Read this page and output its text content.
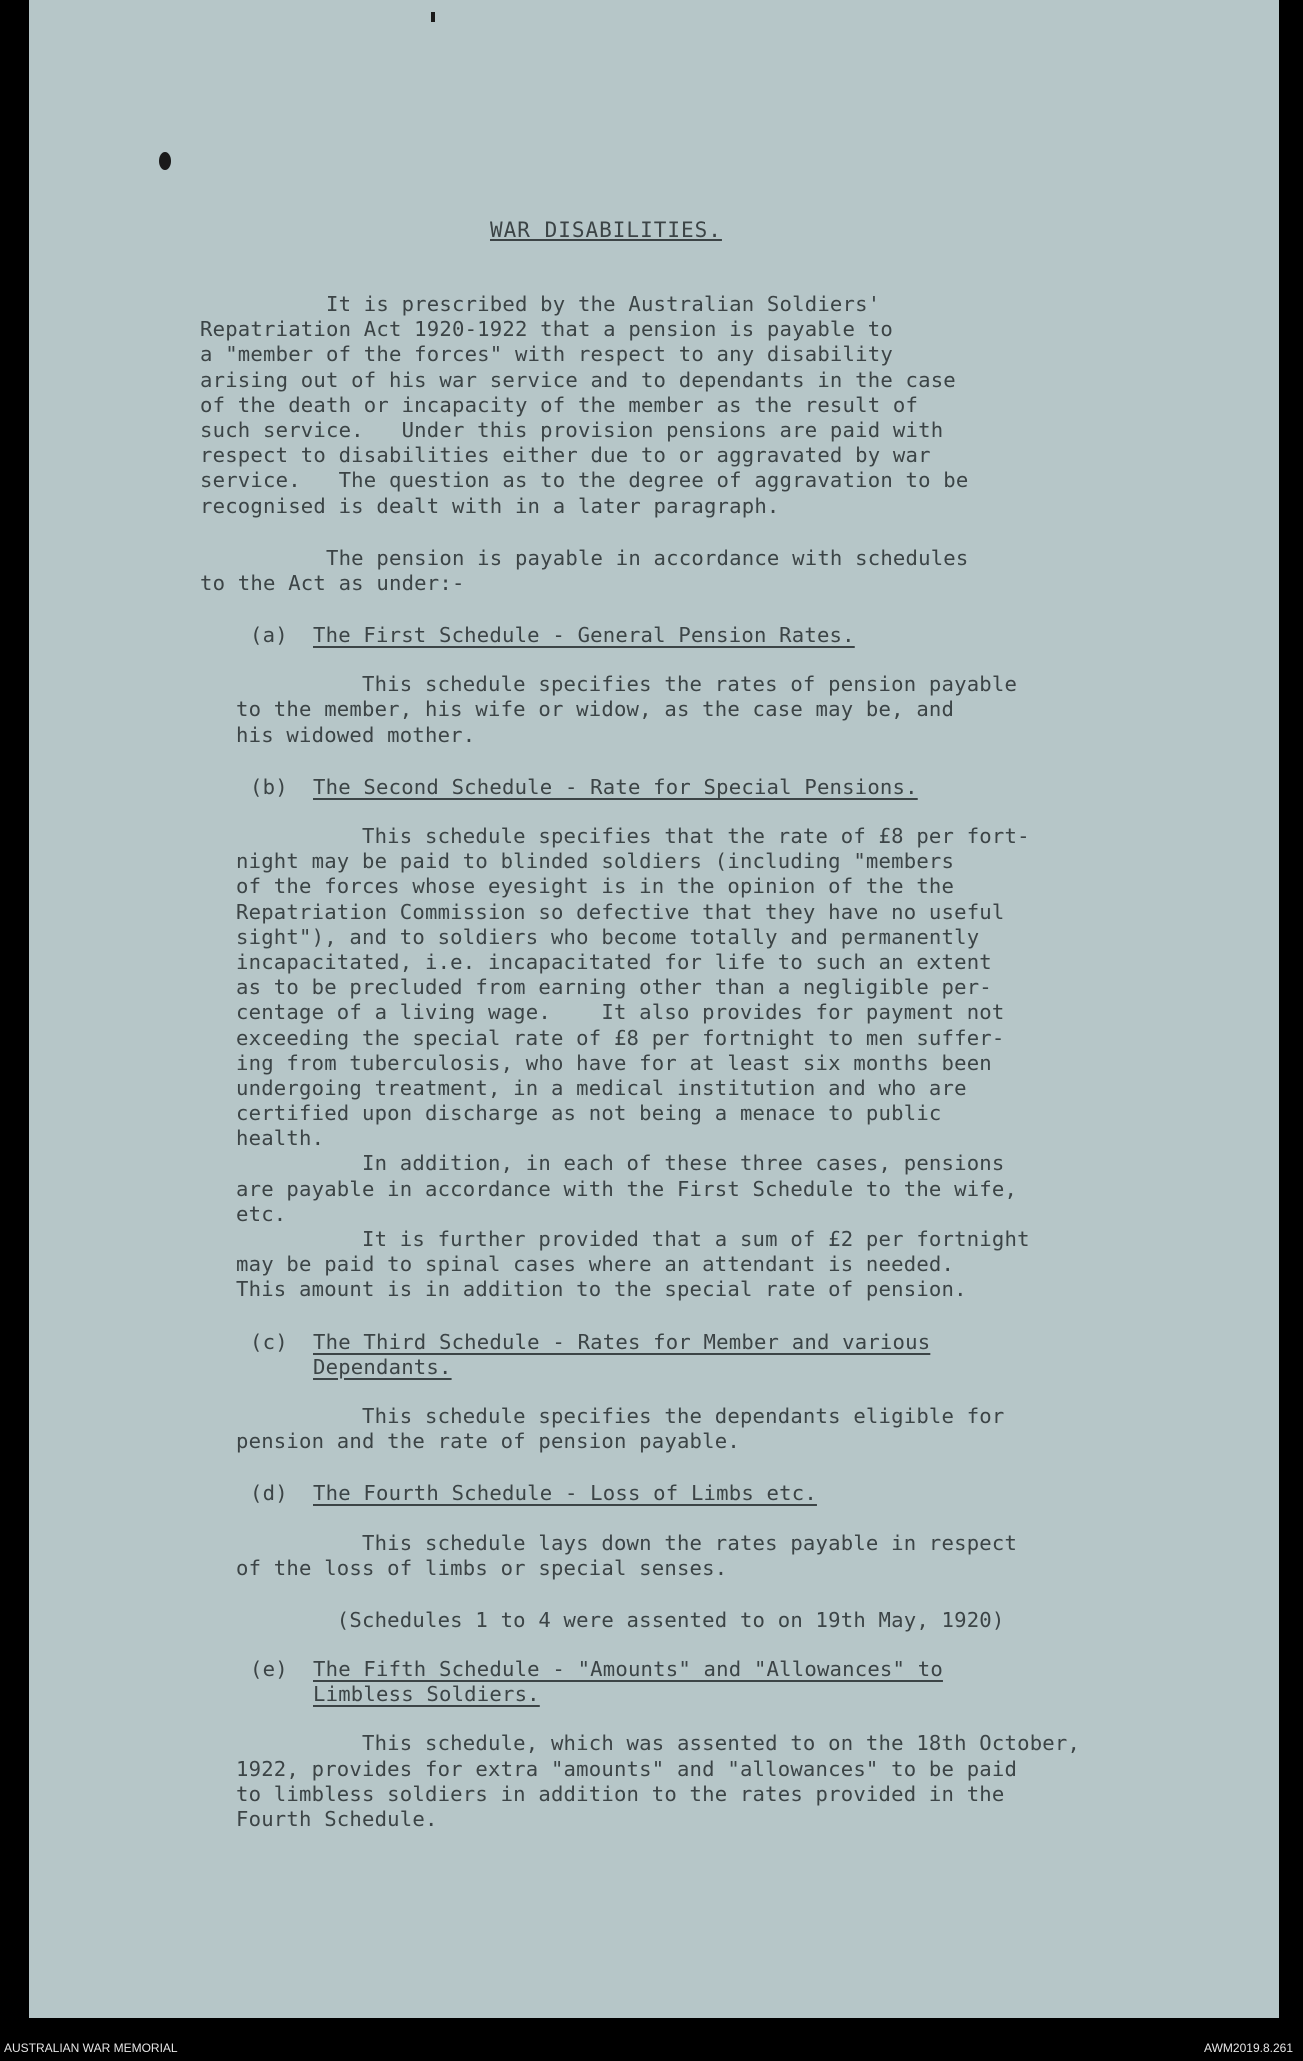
WAR DISABILITIES.
It is prescribed by the Australian Soldiers'
Repatriation Act 1920-1922 that a pension is payable to
a "member of the forces" with respect to any disability
arising out of his war service and to dependants in the case
of the death or incapacity of the member as the result of
such service.   Under this provision pensions are paid with
respect to disabilities either due to or aggravated by war
service.   The question as to the degree of aggravation to be
recognised is dealt with in a later paragraph.
The pension is payable in accordance with schedules
to the Act as under:-
(a) The First Schedule - General Pension Rates.
This schedule specifies the rates of pension payable
to the member, his wife or widow, as the case may be, and
his widowed mother.
(b) The Second Schedule - Rate for Special Pensions.
This schedule specifies that the rate of £8 per fort-
night may be paid to blinded soldiers (including "members
of the forces whose eyesight is in the opinion of the the
Repatriation Commission so defective that they have no useful
sight"), and to soldiers who become totally and permanently
incapacitated, i.e. incapacitated for life to such an extent
as to be precluded from earning other than a negligible per-
centage of a living wage.    It also provides for payment not
exceeding the special rate of £8 per fortnight to men suffer-
ing from tuberculosis, who have for at least six months been
undergoing treatment, in a medical institution and who are
certified upon discharge as not being a menace to public
health.
In addition, in each of these three cases, pensions
are payable in accordance with the First Schedule to the wife,
etc.
It is further provided that a sum of £2 per fortnight
may be paid to spinal cases where an attendant is needed.
This amount is in addition to the special rate of pension.
(c) The Third Schedule - Rates for Member and various
Dependants.
This schedule specifies the dependants eligible for
pension and the rate of pension payable.
(d) The Fourth Schedule - Loss of Limbs etc.
This schedule lays down the rates payable in respect
of the loss of limbs or special senses.
(Schedules 1 to 4 were assented to on 19th May, 1920)
(e) The Fifth Schedule - "Amounts" and "Allowances" to
Limbless Soldiers.
This schedule, which was assented to on the 18th October,
1922, provides for extra "amounts" and "allowances" to be paid
to limbless soldiers in addition to the rates provided in the
Fourth Schedule.
AUSTRALIAN WAR MEMORIAL	AWM2019.8.261
